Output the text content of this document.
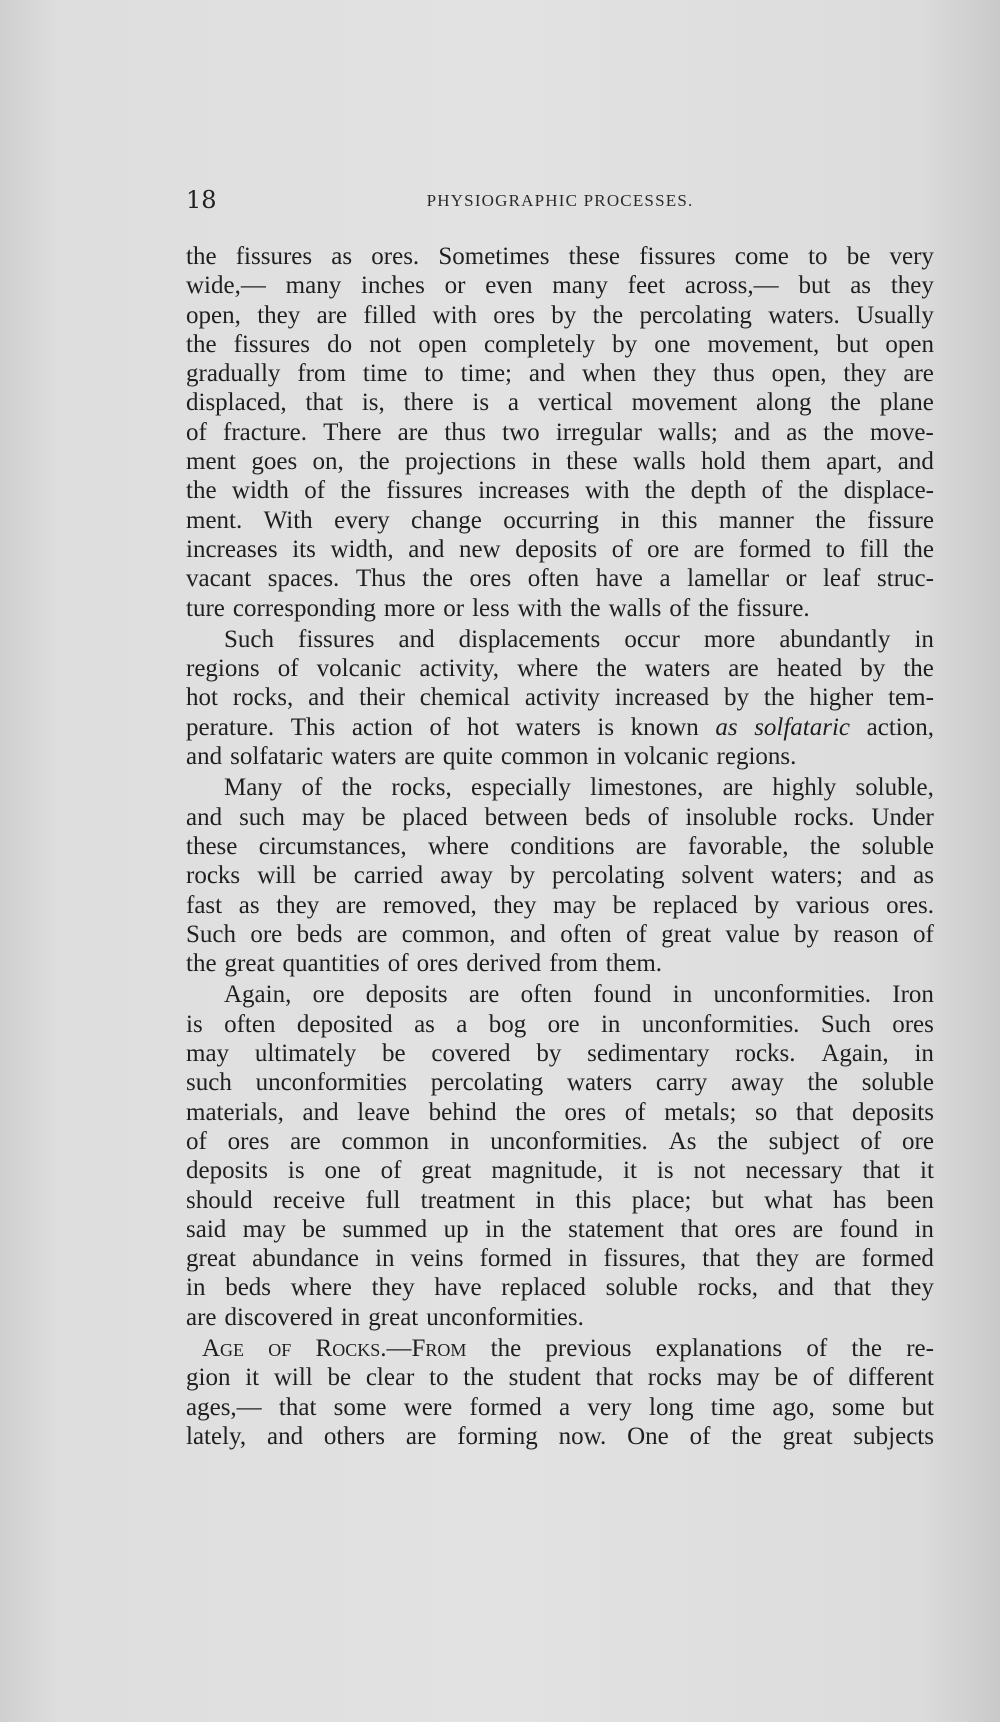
18	PHYSIOGRAPHIC PROCESSES.
the fissures as ores. Sometimes these fissures come to be very
wide,— many inches or even many feet across,— but as they
open, they are filled with ores by the percolating waters. Usually
the fissures do not open completely by one movement, but open
gradually from time to time; and when they thus open, they are
displaced, that is, there is a vertical movement along the plane
of fracture. There are thus two irregular walls; and as the move-
ment goes on, the projections in these walls hold them apart, and
the width of the fissures increases with the depth of the displace-
ment. With every change occurring in this manner the fissure
increases its width, and new deposits of ore are formed to fill the
vacant spaces. Thus the ores often have a lamellar or leaf struc-
ture corresponding more or less with the walls of the fissure.
Such fissures and displacements occur more abundantly in
regions of volcanic activity, where the waters are heated by the
hot rocks, and their chemical activity increased by the higher tem-
perature. This action of hot waters is known as solfataric action,
and solfataric waters are quite common in volcanic regions.
Many of the rocks, especially limestones, are highly soluble,
and such may be placed between beds of insoluble rocks. Under
these circumstances, where conditions are favorable, the soluble
rocks will be carried away by percolating solvent waters; and as
fast as they are removed, they may be replaced by various ores.
Such ore beds are common, and often of great value by reason of
the great quantities of ores derived from them.
Again, ore deposits are often found in unconformities. Iron
is often deposited as a bog ore in unconformities. Such ores
may ultimately be covered by sedimentary rocks. Again, in
such unconformities percolating waters carry away the soluble
materials, and leave behind the ores of metals; so that deposits
of ores are common in unconformities. As the subject of ore
deposits is one of great magnitude, it is not necessary that it
should receive full treatment in this place; but what has been
said may be summed up in the statement that ores are found in
great abundance in veins formed in fissures, that they are formed
in beds where they have replaced soluble rocks, and that they
are discovered in great unconformities.
Age of Rocks.—From the previous explanations of the re-
gion it will be clear to the student that rocks may be of different
ages,— that some were formed a very long time ago, some but
lately, and others are forming now. One of the great subjects
